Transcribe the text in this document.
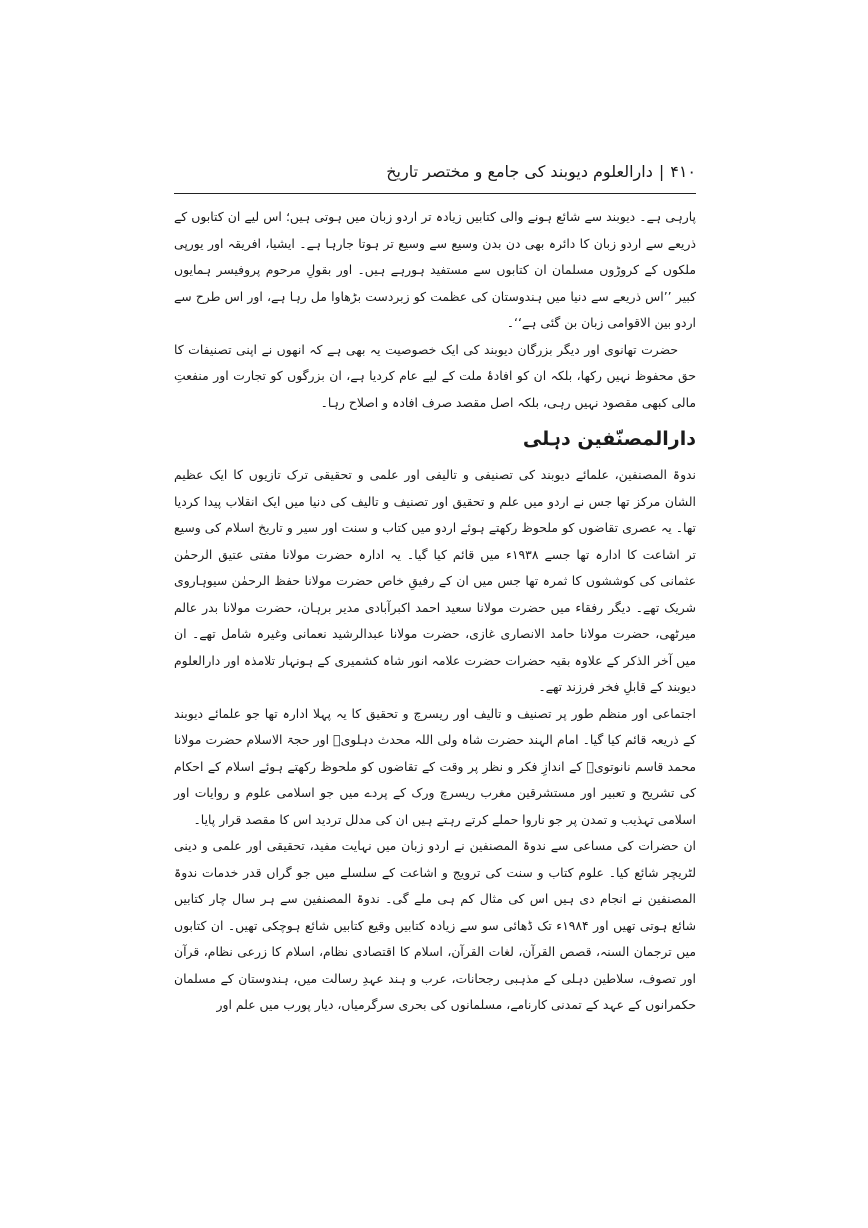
۴۱۰|دارالعلوم دیوبند کی جامع و مختصر تاریخ

پارہی ہے۔ دیوبند سے شائع ہونے والی کتابیں زیادہ تر اردو زبان میں ہوتی ہیں؛ اس لیے ان کتابوں کے ذریعے سے اردو زبان کا دائرہ بھی دن بدن وسیع سے وسیع تر ہوتا جارہا ہے۔ ایشیا، افریقہ اور یورپی ملکوں کے کروڑوں مسلمان ان کتابوں سے مستفید ہورہے ہیں۔ اور بقولِ مرحوم پروفیسر ہمایوں کبیر ’’اس ذریعے سے دنیا میں ہندوستان کی عظمت کو زبردست بڑھاوا مل رہا ہے، اور اس طرح سے اردو بین الاقوامی زبان بن گئی ہے‘‘۔

حضرت تھانوی اور دیگر بزرگان دیوبند کی ایک خصوصیت یہ بھی ہے کہ انھوں نے اپنی تصنیفات کا حق محفوظ نہیں رکھا، بلکہ ان کو افادۂ ملت کے لیے عام کردیا ہے، ان بزرگوں کو تجارت اور منفعتِ مالی کبھی مقصود نہیں رہی، بلکہ اصل مقصد صرف افادہ و اصلاح رہا۔

دارالمصنّفین دہلی

ندوۃ المصنفین، علمائے دیوبند کی تصنیفی و تالیفی اور علمی و تحقیقی ترک تازیوں کا ایک عظیم الشان مرکز تھا جس نے اردو میں علم و تحقیق اور تصنیف و تالیف کی دنیا میں ایک انقلاب پیدا کردیا تھا۔ یہ عصری تقاضوں کو ملحوظ رکھتے ہوئے اردو میں کتاب و سنت اور سیر و تاریخ اسلام کی وسیع تر اشاعت کا ادارہ تھا جسے ۱۹۳۸ء میں قائم کیا گیا۔ یہ ادارہ حضرت مولانا مفتی عتیق الرحمٰن عثمانی کی کوششوں کا ثمرہ تھا جس میں ان کے رفیقِ خاص حضرت مولانا حفظ الرحمٰن سیوہاروی شریک تھے۔ دیگر رفقاء میں حضرت مولانا سعید احمد اکبرآبادی مدیر برہان، حضرت مولانا بدر عالم میرٹھی، حضرت مولانا حامد الانصاری غازی، حضرت مولانا عبدالرشید نعمانی وغیرہ شامل تھے۔ ان میں آخر الذکر کے علاوہ بقیہ حضرات حضرت علامہ انور شاہ کشمیری کے ہونہار تلامذہ اور دارالعلوم دیوبند کے قابلِ فخر فرزند تھے۔

اجتماعی اور منظم طور پر تصنیف و تالیف اور ریسرچ و تحقیق کا یہ پہلا ادارہ تھا جو علمائے دیوبند کے ذریعہ قائم کیا گیا۔ امام الہند حضرت شاہ ولی اللہ محدث دہلویؒ اور حجۃ الاسلام حضرت مولانا محمد قاسم نانوتویؒ کے اندازِ فکر و نظر پر وقت کے تقاضوں کو ملحوظ رکھتے ہوئے اسلام کے احکام کی تشریح و تعبیر اور مستشرقین مغرب ریسرچ ورک کے پردے میں جو اسلامی علوم و روایات اور اسلامی تہذیب و تمدن پر جو ناروا حملے کرتے رہتے ہیں ان کی مدلل تردید اس کا مقصد قرار پایا۔

ان حضرات کی مساعی سے ندوۃ المصنفین نے اردو زبان میں نہایت مفید، تحقیقی اور علمی و دینی لٹریچر شائع کیا۔ علوم کتاب و سنت کی ترویج و اشاعت کے سلسلے میں جو گراں قدر خدمات ندوۃ المصنفین نے انجام دی ہیں اس کی مثال کم ہی ملے گی۔ ندوۃ المصنفین سے ہر سال چار کتابیں شائع ہوتی تھیں اور ۱۹۸۴ء تک ڈھائی سو سے زیادہ کتابیں وقیع کتابیں شائع ہوچکی تھیں۔ ان کتابوں میں ترجمان السنہ، قصص القرآن، لغات القرآن، اسلام کا اقتصادی نظام، اسلام کا زرعی نظام، قرآن اور تصوف، سلاطین دہلی کے مذہبی رجحانات، عرب و ہند عہدِ رسالت میں، ہندوستان کے مسلمان حکمرانوں کے عہد کے تمدنی کارنامے، مسلمانوں کی بحری سرگرمیاں، دیار پورب میں علم اور
